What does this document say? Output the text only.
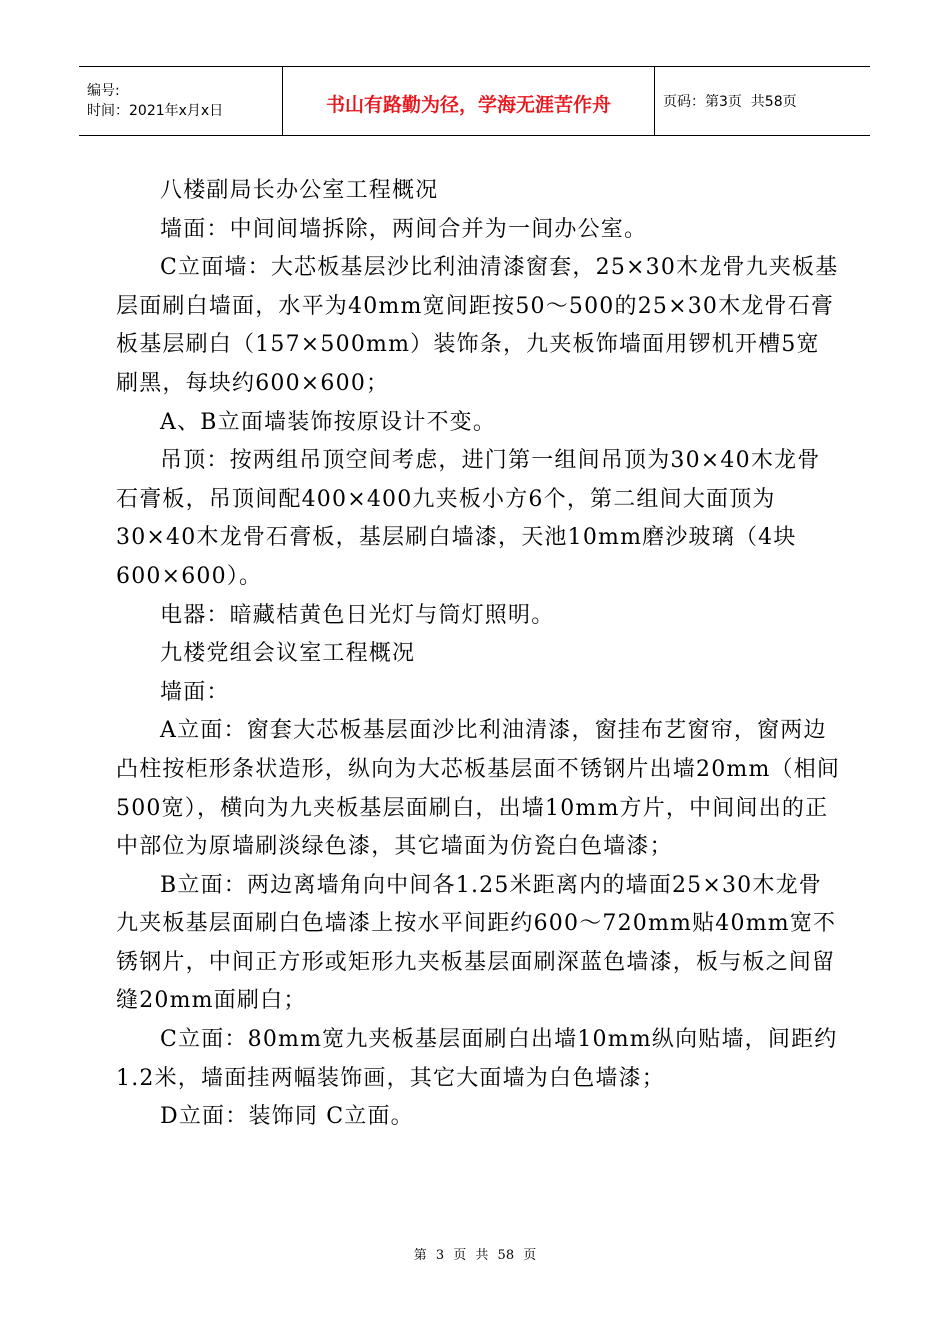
编号:
时间：2021年x月x日	书山有路勤为径，学海无涯苦作舟	页码：第3页  共58页

八楼副局长办公室工程概况

墙面：中间间墙拆除，两间合并为一间办公室。

C立面墙：大芯板基层沙比利油清漆窗套，25×30木龙骨九夹板基层面刷白墙面，水平为40mm宽间距按50～500的25×30木龙骨石膏板基层刷白（157×500mm）装饰条，九夹板饰墙面用锣机开槽5宽刷黑，每块约600×600；

A、B立面墙装饰按原设计不变。

吊顶：按两组吊顶空间考虑，进门第一组间吊顶为30×40木龙骨石膏板，吊顶间配400×400九夹板小方6个，第二组间大面顶为30×40木龙骨石膏板，基层刷白墙漆，天池10mm磨沙玻璃（4块600×600）。

电器：暗藏桔黄色日光灯与筒灯照明。

九楼党组会议室工程概况

墙面：

A立面：窗套大芯板基层面沙比利油清漆，窗挂布艺窗帘，窗两边凸柱按柜形条状造形，纵向为大芯板基层面不锈钢片出墙20mm（相间500宽），横向为九夹板基层面刷白，出墙10mm方片，中间间出的正中部位为原墙刷淡绿色漆，其它墙面为仿瓷白色墙漆；

B立面：两边离墙角向中间各1.25米距离内的墙面25×30木龙骨九夹板基层面刷白色墙漆上按水平间距约600～720mm贴40mm宽不锈钢片，中间正方形或矩形九夹板基层面刷深蓝色墙漆，板与板之间留缝20mm面刷白；

C立面：80mm宽九夹板基层面刷白出墙10mm纵向贴墙，间距约1.2米，墙面挂两幅装饰画，其它大面墙为白色墙漆；

D立面：装饰同 C立面。

第 3 页 共 58 页
